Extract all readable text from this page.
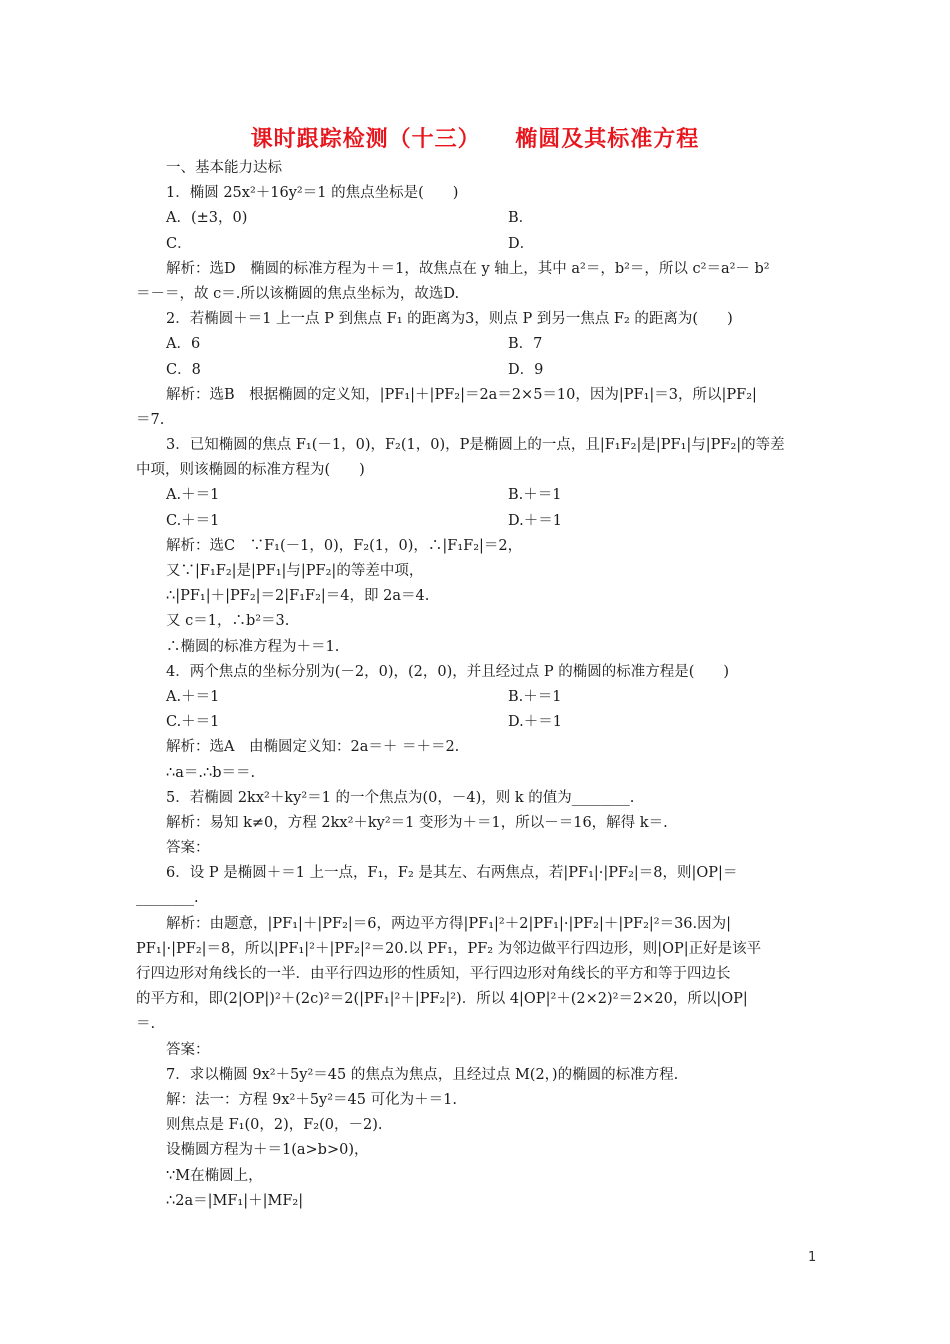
课时跟踪检测（十三）    椭圆及其标准方程
一、基本能力达标
1．椭圆 25x²＋16y²＝1 的焦点坐标是(　　)
A．(±3，0)	B．
C．	D．
解析：选D　椭圆的标准方程为＋＝1，故焦点在 y 轴上，其中 a²＝，b²＝，所以 c²＝a²－ b²
＝－＝，故 c＝.所以该椭圆的焦点坐标为，故选D.
2．若椭圆＋＝1 上一点 P 到焦点 F₁ 的距离为3，则点 P 到另一焦点 F₂ 的距离为(　　)
A．6	B．7
C．8	D．9
解析：选B　根据椭圆的定义知，|PF₁|＋|PF₂|＝2a＝2×5＝10，因为|PF₁|＝3，所以|PF₂|
＝7.
3．已知椭圆的焦点 F₁(－1，0)，F₂(1，0)，P是椭圆上的一点，且|F₁F₂|是|PF₁|与|PF₂|的等差
中项，则该椭圆的标准方程为(　　)
A.＋＝1	B.＋＝1
C.＋＝1	D.＋＝1
解析：选C　∵F₁(－1，0)，F₂(1，0)，∴|F₁F₂|＝2，
又∵|F₁F₂|是|PF₁|与|PF₂|的等差中项，
∴|PF₁|＋|PF₂|＝2|F₁F₂|＝4，即 2a＝4.
又 c＝1，∴b²＝3.
∴椭圆的标准方程为＋＝1.
4．两个焦点的坐标分别为(－2，0)，(2，0)，并且经过点 P 的椭圆的标准方程是(　　)
A.＋＝1	B.＋＝1
C.＋＝1	D.＋＝1
解析：选A　由椭圆定义知：2a＝＋ ＝＋＝2.
∴a＝.∴b＝＝.
5．若椭圆 2kx²＋ky²＝1 的一个焦点为(0，－4)，则 k 的值为________.
解析：易知 k≠0，方程 2kx²＋ky²＝1 变形为＋＝1，所以－＝16，解得 k＝.
答案：
6．设 P 是椭圆＋＝1 上一点，F₁，F₂ 是其左、右两焦点，若|PF₁|·|PF₂|＝8，则|OP|＝
________.
解析：由题意，|PF₁|＋|PF₂|＝6，两边平方得|PF₁|²＋2|PF₁|·|PF₂|＋|PF₂|²＝36.因为|
PF₁|·|PF₂|＝8，所以|PF₁|²＋|PF₂|²＝20.以 PF₁，PF₂ 为邻边做平行四边形，则|OP|正好是该平
行四边形对角线长的一半．由平行四边形的性质知，平行四边形对角线长的平方和等于四边长
的平方和，即(2|OP|)²＋(2c)²＝2(|PF₁|²＋|PF₂|²)．所以 4|OP|²＋(2×2)²＝2×20，所以|OP|
＝.
答案：
7．求以椭圆 9x²＋5y²＝45 的焦点为焦点，且经过点 M(2，)的椭圆的标准方程.
解：法一：方程 9x²＋5y²＝45 可化为＋＝1.
则焦点是 F₁(0，2)，F₂(0，－2).
设椭圆方程为＋＝1(a>b>0)，
∵M在椭圆上，
∴2a＝|MF₁|＋|MF₂|
1
